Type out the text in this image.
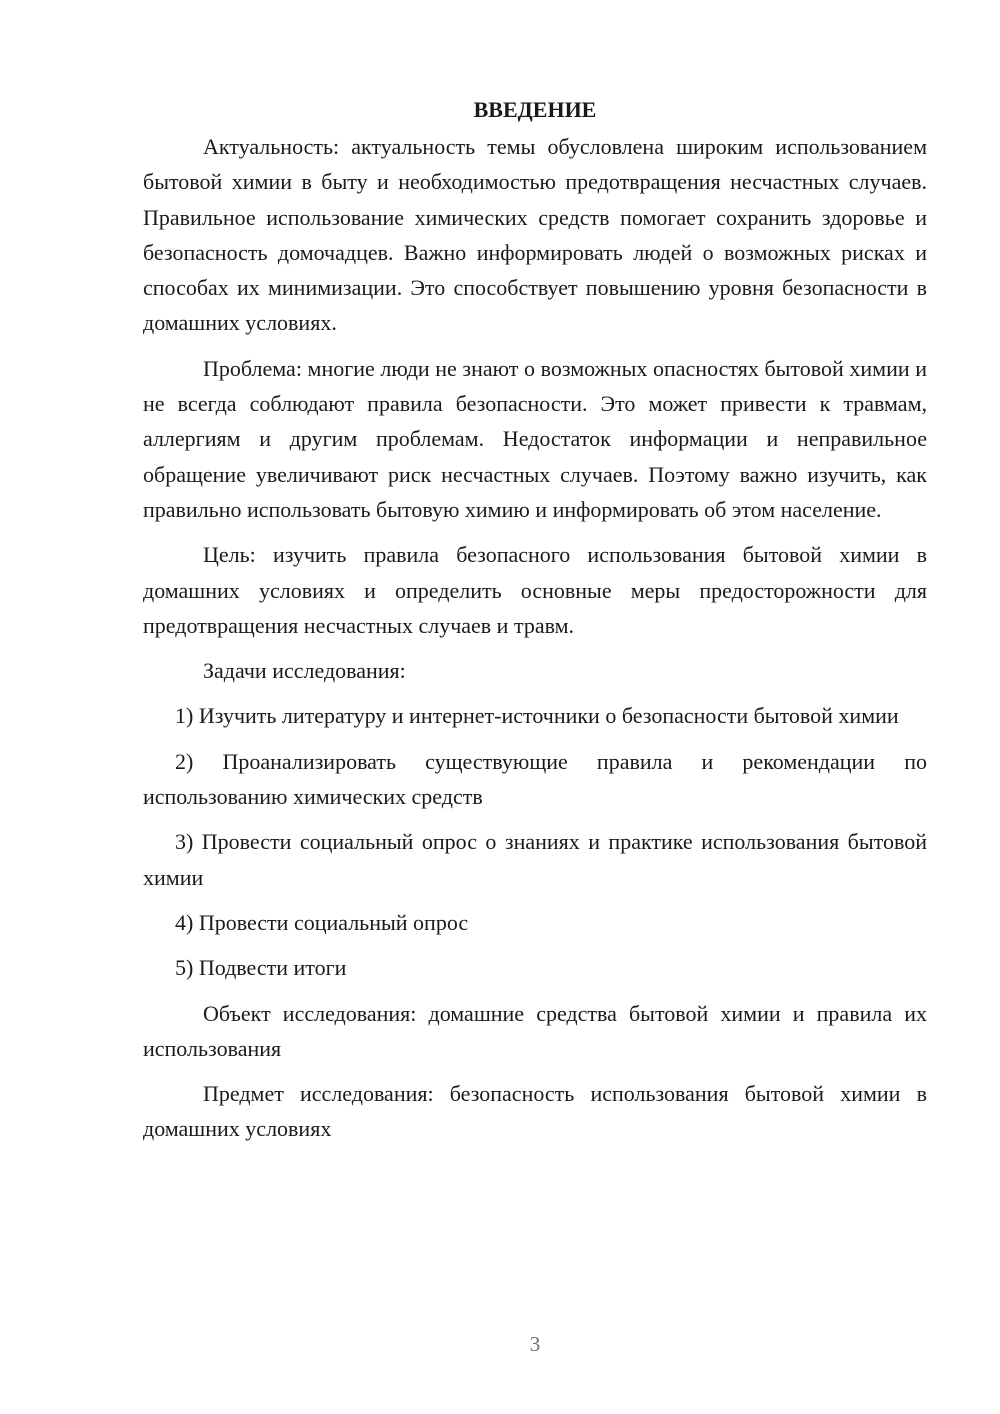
ВВЕДЕНИЕ

Актуальность: актуальность темы обусловлена широким использованием бытовой химии в быту и необходимостью предотвращения несчастных случаев. Правильное использование химических средств помогает сохранить здоровье и безопасность домочадцев. Важно информировать людей о возможных рисках и способах их минимизации. Это способствует повышению уровня безопасности в домашних условиях.

Проблема: многие люди не знают о возможных опасностях бытовой химии и не всегда соблюдают правила безопасности. Это может привести к травмам, аллергиям и другим проблемам. Недостаток информации и неправильное обращение увеличивают риск несчастных случаев. Поэтому важно изучить, как правильно использовать бытовую химию и информировать об этом население.

Цель: изучить правила безопасного использования бытовой химии в домашних условиях и определить основные меры предосторожности для предотвращения несчастных случаев и травм.

Задачи исследования:

1) Изучить литературу и интернет-источники о безопасности бытовой химии

2) Проанализировать существующие правила и рекомендации по использованию химических средств

3) Провести социальный опрос о знаниях и практике использования бытовой химии

4) Провести социальный опрос

5) Подвести итоги

Объект исследования: домашние средства бытовой химии и правила их использования

Предмет исследования: безопасность использования бытовой химии в домашних условиях

3
